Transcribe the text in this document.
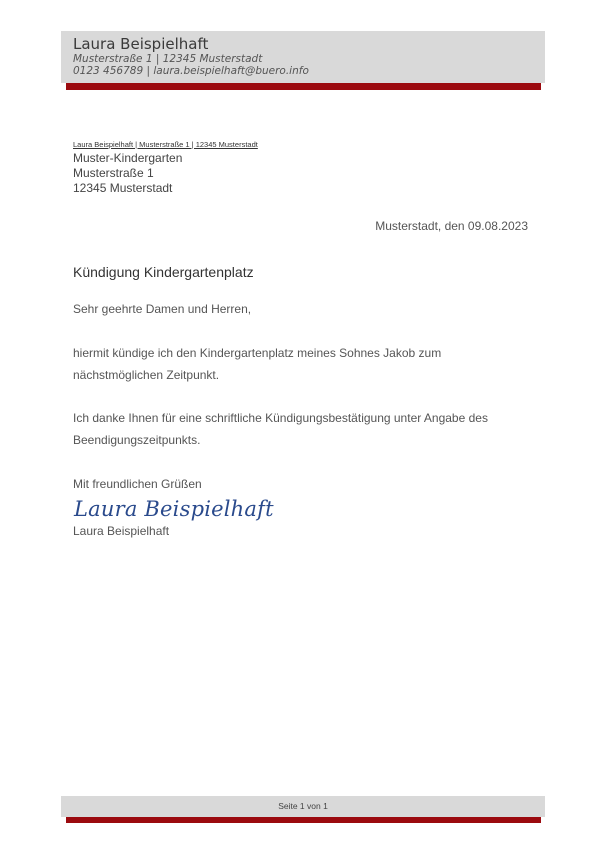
Laura Beispielhaft
Musterstraße 1 | 12345 Musterstadt
0123 456789 | laura.beispielhaft@buero.info
Laura Beispielhaft | Musterstraße 1 | 12345 Musterstadt
Muster-Kindergarten
Musterstraße 1
12345 Musterstadt
Musterstadt, den 09.08.2023
Kündigung Kindergartenplatz
Sehr geehrte Damen und Herren,
hiermit kündige ich den Kindergartenplatz meines Sohnes Jakob zum nächstmöglichen Zeitpunkt.
Ich danke Ihnen für eine schriftliche Kündigungsbestätigung unter Angabe des Beendigungszeitpunkts.
Mit freundlichen Grüßen
Laura Beispielhaft
Laura Beispielhaft
Seite 1 von 1
